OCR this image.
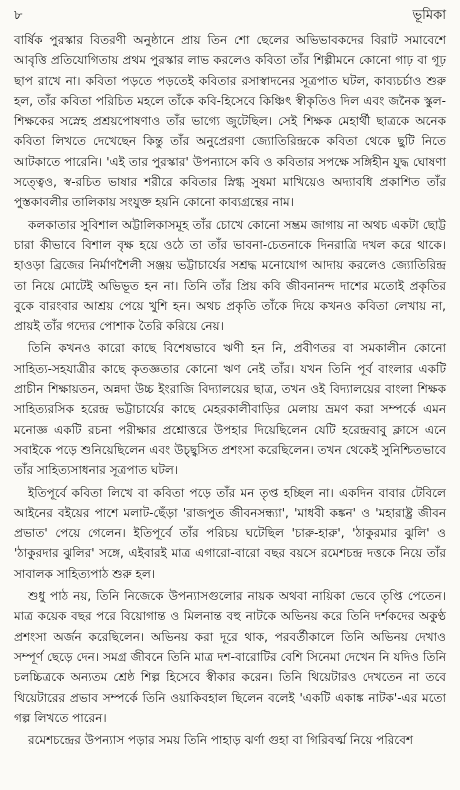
৮	ভূমিকা

বার্ষিক পুরস্কার বিতরণী অনুষ্ঠানে প্রায় তিন শো ছেলের অভিভাবকদের বিরাট সমাবেশে আবৃত্তি প্রতিযোগিতায় প্রথম পুরস্কার লাভ করলেও কবিতা তাঁর শিল্পীমনে কোনো গাঢ় বা গূঢ় ছাপ রাখে না। কবিতা পড়তে পড়তেই কবিতার রসাস্বাদনের সূত্রপাত ঘটল, কাব্যচর্চাও শুরু হল, তাঁর কবিতা পরিচিত মহলে তাঁকে কবি-হিসেবে কিঞ্চিৎ স্বীকৃতিও দিল এবং জনৈক স্কুল-শিক্ষকের সস্নেহ প্রশ্রয়পোষণাও তাঁর ভাগ্যে জুটেছিল। সেই শিক্ষক মেহার্থী ছাত্রকে অনেক কবিতা লিখতে দেখেছেন কিন্তু তাঁর অনুপ্রেরণা জ্যোতিরিন্দ্রকে কবিতা থেকে ছুটি নিতে আটকাতে পারেনি। 'এই তার পুরস্কার' উপন্যাসে কবি ও কবিতার সপক্ষে সঙ্গিহীন যুদ্ধ ঘোষণা সত্ত্বেও, স্ব-রচিত ভাষার শরীরে কবিতার স্নিগ্ধ সুষমা মাখিয়েও অদ্যাবধি প্রকাশিত তাঁর পুস্তকাবলীর তালিকায় সংযুক্ত হয়নি কোনো কাব্যগ্রন্থের নাম।

কলকাতার সুবিশাল অট্টালিকাসমূহ তাঁর চোখে কোনো সম্ভ্রম জাগায় না অথচ একটা ছোট্ট চারা কীভাবে বিশাল বৃক্ষ হয়ে ওঠে তা তাঁর ভাবনা-চেতনাকে দিনরাত্রি দখল করে থাকে। হাওড়া ব্রিজের নির্মাণশৈলী সঞ্জয় ভট্টাচার্যের সশ্রদ্ধ মনোযোগ আদায় করলেও জ্যোতিরিন্দ্র তা নিয়ে মোটেই অভিভূত হন না। তিনি তাঁর প্রিয় কবি জীবনানন্দ দাশের মতোই প্রকৃতির বুকে বারংবার আশ্রয় পেয়ে খুশি হন। অথচ প্রকৃতি তাঁকে দিয়ে কখনও কবিতা লেখায় না, প্রায়ই তাঁর গদ্যের পোশাক তৈরি করিয়ে নেয়।

তিনি কখনও কারো কাছে বিশেষভাবে ঋণী হন নি, প্রবীণতর বা সমকালীন কোনো সাহিত্য-সহযাত্রীর কাছে কৃতজ্ঞতার কোনো ঋণ নেই তাঁর। যখন তিনি পূর্ব বাংলার একটি প্রাচীন শিক্ষায়তন, অন্নদা উচ্চ ইংরাজি বিদ্যালয়ের ছাত্র, তখন ওই বিদ্যালয়ের বাংলা শিক্ষক সাহিত্যরসিক হরেন্দ্র ভট্টাচার্যের কাছে মেহরকালীবাড়ির মেলায় ভ্রমণ করা সম্পর্কে এমন মনোজ্ঞ একটি রচনা পরীক্ষার প্রশ্নোত্তরে উপহার দিয়েছিলেন যেটি হরেন্দ্রবাবু ক্লাসে এনে সবাইকে পড়ে শুনিয়েছিলেন এবং উচ্ছ্বসিত প্রশংসা করেছিলেন। তখন থেকেই সুনিশ্চিতভাবে তাঁর সাহিত্যসাধনার সূত্রপাত ঘটল।

ইতিপূর্বে কবিতা লিখে বা কবিতা পড়ে তাঁর মন তৃপ্ত হচ্ছিল না। একদিন বাবার টেবিলে আইনের বইয়ের পাশে মলাট-ছেঁড়া 'রাজপুত জীবনসন্ধ্যা', 'মাধবী কঙ্কন' ও 'মহারাষ্ট্র জীবন প্রভাত' পেয়ে গেলেন। ইতিপূর্বে তাঁর পরিচয় ঘটেছিল 'চারু-হারু', 'ঠাকুরমার ঝুলি' ও 'ঠাকুরদার ঝুলির' সঙ্গে, এইবারই মাত্র এগারো-বারো বছর বয়সে রমেশচন্দ্র দত্তকে নিয়ে তাঁর সাবালক সাহিত্যপাঠ শুরু হল।

শুধু পাঠ নয়, তিনি নিজেকে উপন্যাসগুলোর নায়ক অথবা নায়িকা ভেবে তৃপ্তি পেতেন। মাত্র কয়েক বছর পরে বিয়োগান্ত ও মিলনান্ত বহু নাটকে অভিনয় করে তিনি দর্শকদের অকুণ্ঠ প্রশংসা অর্জন করেছিলেন। অভিনয় করা দূরে থাক, পরবর্তীকালে তিনি অভিনয় দেখাও সম্পূর্ণ ছেড়ে দেন। সমগ্র জীবনে তিনি মাত্র দশ-বারোটির বেশি সিনেমা দেখেন নি যদিও তিনি চলচ্চিত্রকে অন্যতম শ্রেষ্ঠ শিল্প হিসেবে স্বীকার করেন। তিনি থিয়েটারও দেখতেন না তবে থিয়েটারের প্রভাব সম্পর্কে তিনি ওয়াকিবহাল ছিলেন বলেই 'একটি একাঙ্ক নাটক'-এর মতো গল্প লিখতে পারেন।

রমেশচন্দ্রের উপন্যাস পড়ার সময় তিনি পাহাড় ঝর্ণা গুহা বা গিরিবর্ত্ম নিয়ে পরিবেশ
